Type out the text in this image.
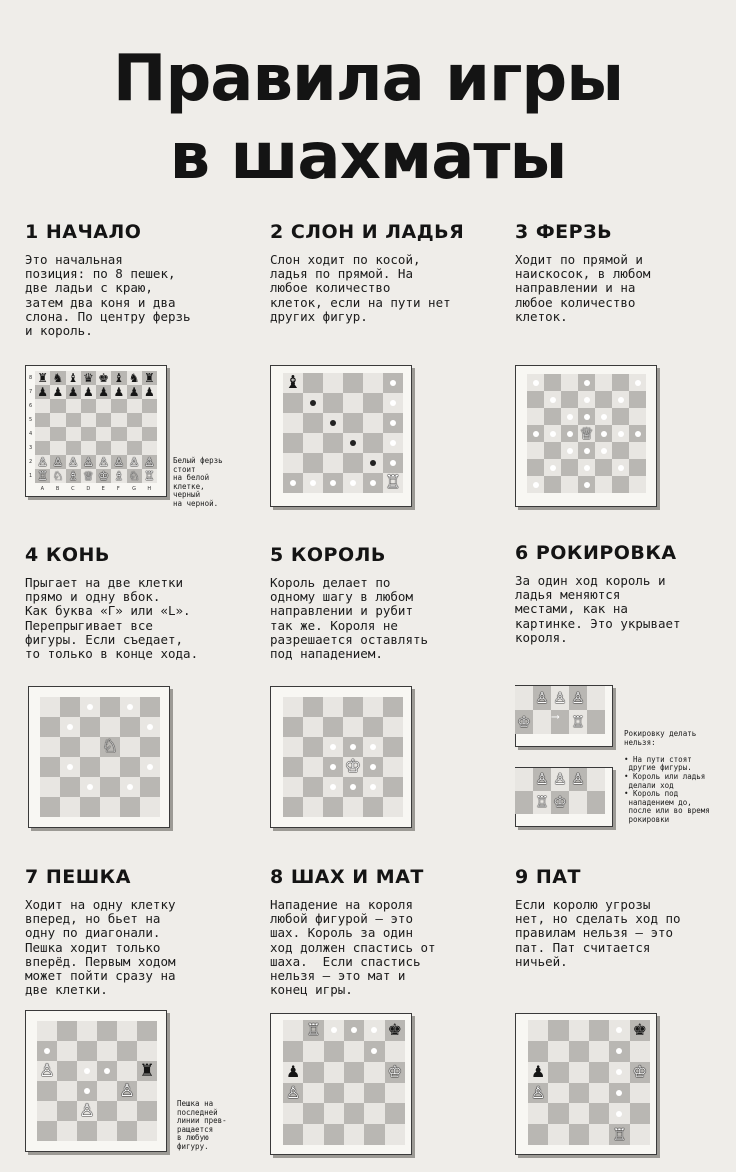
Правила игры
в шахматы
1 НАЧАЛО
Это начальная
позиция: по 8 пешек,
две ладьи с краю,
затем два коня и два
слона. По центру ферзь
и король.
2 СЛОН И ЛАДЬЯ
Слон ходит по косой,
ладья по прямой. На
любое количество
клеток, если на пути нет
других фигур.
3 ФЕРЗЬ
Ходит по прямой и
наискосок, в любом
направлении и на
любое количество
клеток.
4 КОНЬ
Прыгает на две клетки
прямо и одну вбок.
Как буква «Г» или «L».
Перепрыгивает все
фигуры. Если съедает,
то только в конце хода.
5 КОРОЛЬ
Король делает по
одному шагу в любом
направлении и рубит
так же. Короля не
разрешается оставлять
под нападением.
6 РОКИРОВКА
За один ход король и
ладья меняются
местами, как на
картинке. Это укрывает
короля.
7 ПЕШКА
Ходит на одну клетку
вперед, но бьет на
одну по диагонали.
Пешка ходит только
вперёд. Первым ходом
может пойти сразу на
две клетки.
8 ШАХ И МАТ
Нападение на короля
любой фигурой — это
шах. Король за один
ход должен спастись от
шаха.  Если спастись
нельзя — это мат и
конец игры.
9 ПАТ
Если королю угрозы
нет, но сделать ход по
правилам нельзя — это
пат. Пат считается
ничьей.
Белый ферзь
стоит
на белой
клетке,
черный
на черной.
Рокировку делать
нельзя:

• На пути стоят
другие фигуры.
• Король или ладья
делали ход
• Король под
нападением до,
после или во время
рокировки
Пешка на
последней
линии прев-
ращается
в любую
фигуру.
♜ ♞ ♝ ♛ ♚ ♝ ♞ ♜
♟ ♟ ♟ ♟ ♟ ♟ ♟ ♟
♙ ♙ ♙ ♙ ♙ ♙ ♙ ♙
♖ ♘ ♗ ♕ ♔ ♗ ♘ ♖
♝
♖
♕
♘
♔
♙ ♙ ♙
♔	♖
⟶
♙ ♙ ♙
♖ ♔
♙	♜
♙
♙
♖	♚
♟	♔
♙
♚
♟	♔
♙
♖
8
7
6
5
4
3
2
1
A B C D E F G H
